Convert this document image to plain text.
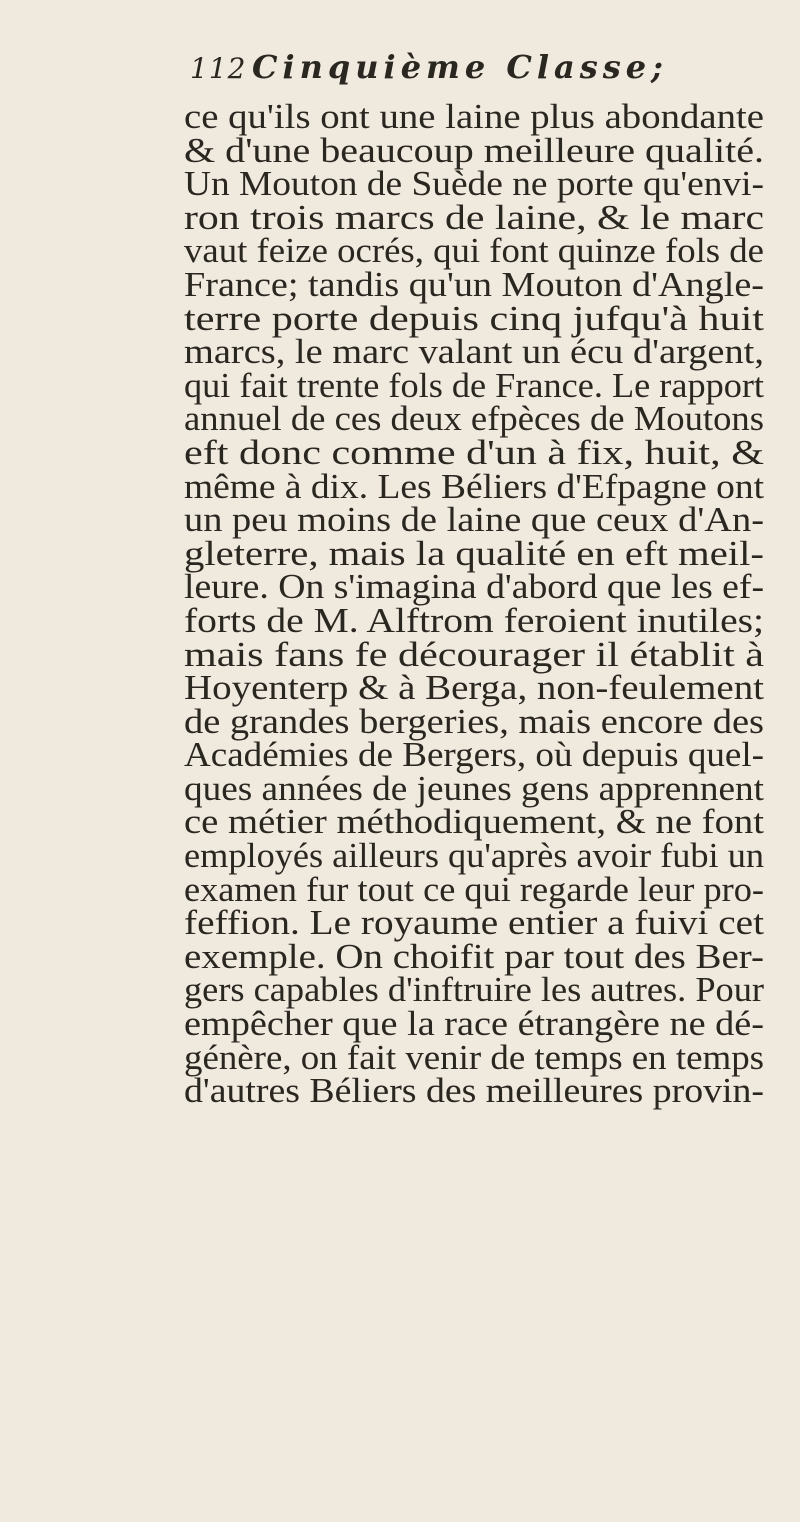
112 Cinquième Classe;
ce qu'ils ont une laine plus abondante
& d'une beaucoup meilleure qualité.
Un Mouton de Suède ne porte qu'envi-
ron trois marcs de laine, & le marc
vaut feize ocrés, qui font quinze fols de
France; tandis qu'un Mouton d'Angle-
terre porte depuis cinq jufqu'à huit
marcs, le marc valant un écu d'argent,
qui fait trente fols de France. Le rapport
annuel de ces deux efpèces de Moutons
eft donc comme d'un à fix, huit, &
même à dix. Les Béliers d'Efpagne ont
un peu moins de laine que ceux d'An-
gleterre, mais la qualité en eft meil-
leure. On s'imagina d'abord que les ef-
forts de M. Alftrom feroient inutiles;
mais fans fe décourager il établit à
Hoyenterp & à Berga, non-feulement
de grandes bergeries, mais encore des
Académies de Bergers, où depuis quel-
ques années de jeunes gens apprennent
ce métier méthodiquement, & ne font
employés ailleurs qu'après avoir fubi un
examen fur tout ce qui regarde leur pro-
feffion. Le royaume entier a fuivi cet
exemple. On choifit par tout des Ber-
gers capables d'inftruire les autres. Pour
empêcher que la race étrangère ne dé-
génère, on fait venir de temps en temps
d'autres Béliers des meilleures provin-
